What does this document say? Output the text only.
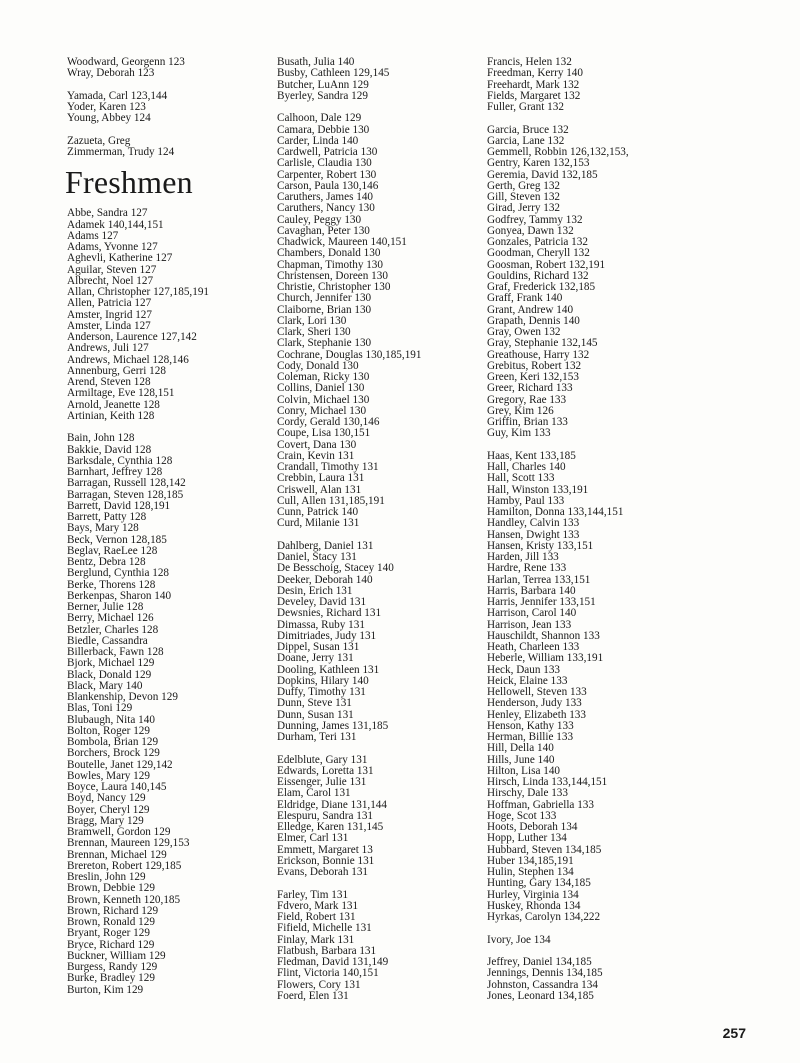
Woodward, Georgenn 123
Wray, Deborah 123
Yamada, Carl 123,144
Yoder, Karen 123
Young, Abbey 124
Zazueta, Greg
Zimmerman, Trudy 124
Freshmen
Abbe, Sandra 127
Adamek 140,144,151
Adams 127
Adams, Yvonne 127
Aghevli, Katherine 127
Aguilar, Steven 127
Albrecht, Noel 127
Allan, Christopher 127,185,191
Allen, Patricia 127
Amster, Ingrid 127
Amster, Linda 127
Anderson, Laurence 127,142
Andrews, Juli 127
Andrews, Michael 128,146
Annenburg, Gerri 128
Arend, Steven 128
Armiltage, Eve 128,151
Arnold, Jeanette 128
Artinian, Keith 128
Bain, John 128
Bakkie, David 128
Barksdale, Cynthia 128
Barnhart, Jeffrey 128
Barragan, Russell 128,142
Barragan, Steven 128,185
Barrett, David 128,191
Barrett, Patty 128
Bays, Mary 128
Beck, Vernon 128,185
Beglav, RaeLee 128
Bentz, Debra 128
Berglund, Cynthia 128
Berke, Thorens 128
Berkenpas, Sharon 140
Berner, Julie 128
Berry, Michael 126
Betzler, Charles 128
Biedle, Cassandra
Billerback, Fawn 128
Bjork, Michael 129
Black, Donald 129
Black, Mary 140
Blankenship, Devon 129
Blas, Toni 129
Blubaugh, Nita 140
Bolton, Roger 129
Bombola, Brian 129
Borchers, Brock 129
Boutelle, Janet 129,142
Bowles, Mary 129
Boyce, Laura 140,145
Boyd, Nancy 129
Boyer, Cheryl 129
Bragg, Mary 129
Bramwell, Gordon 129
Brennan, Maureen 129,153
Brennan, Michael 129
Brereton, Robert 129,185
Breslin, John 129
Brown, Debbie 129
Brown, Kenneth 120,185
Brown, Richard 129
Brown, Ronald 129
Bryant, Roger 129
Bryce, Richard 129
Buckner, William 129
Burgess, Randy 129
Burke, Bradley 129
Burton, Kim 129
Busath, Julia 140
Busby, Cathleen 129,145
Butcher, LuAnn 129
Byerley, Sandra 129
Calhoon, Dale 129
Camara, Debbie 130
Carder, Linda 140
Cardwell, Patricia 130
Carlisle, Claudia 130
Carpenter, Robert 130
Carson, Paula 130,146
Caruthers, James 140
Caruthers, Nancy 130
Cauley, Peggy 130
Cavaghan, Peter 130
Chadwick, Maureen 140,151
Chambers, Donald 130
Chapman, Timothy 130
Christensen, Doreen 130
Christie, Christopher 130
Church, Jennifer 130
Claiborne, Brian 130
Clark, Lori 130
Clark, Sheri 130
Clark, Stephanie 130
Cochrane, Douglas 130,185,191
Cody, Donald 130
Coleman, Ricky 130
Collins, Daniel 130
Colvin, Michael 130
Conry, Michael 130
Cordy, Gerald 130,146
Coupe, Lisa 130,151
Covert, Dana 130
Crain, Kevin 131
Crandall, Timothy 131
Crebbin, Laura 131
Criswell, Alan 131
Cull, Allen 131,185,191
Cunn, Patrick 140
Curd, Milanie 131
Dahlberg, Daniel 131
Daniel, Stacy 131
De Besschoig, Stacey 140
Deeker, Deborah 140
Desin, Erich 131
Develey, David 131
Dewsnies, Richard 131
Dimassa, Ruby 131
Dimitriades, Judy 131
Dippel, Susan 131
Doane, Jerry 131
Dooling, Kathleen 131
Dopkins, Hilary 140
Duffy, Timothy 131
Dunn, Steve 131
Dunn, Susan 131
Dunning, James 131,185
Durham, Teri 131
Edelblute, Gary 131
Edwards, Loretta 131
Eissenger, Julie 131
Elam, Carol 131
Eldridge, Diane 131,144
Elespuru, Sandra 131
Elledge, Karen 131,145
Elmer, Carl 131
Emmett, Margaret 13
Erickson, Bonnie 131
Evans, Deborah 131
Farley, Tim 131
Fdvero, Mark 131
Field, Robert 131
Fifield, Michelle 131
Finlay, Mark 131
Flatbush, Barbara 131
Fledman, David 131,149
Flint, Victoria 140,151
Flowers, Cory 131
Foerd, Elen 131
Francis, Helen 132
Freedman, Kerry 140
Freehardt, Mark 132
Fields, Margaret 132
Fuller, Grant 132
Garcia, Bruce 132
Garcia, Lane 132
Gemmell, Robbin 126,132,153,
Gentry, Karen 132,153
Geremia, David 132,185
Gerth, Greg 132
Gill, Steven 132
Girad, Jerry 132
Godfrey, Tammy 132
Gonyea, Dawn 132
Gonzales, Patricia 132
Goodman, Cheryll 132
Goosman, Robert 132,191
Gouldins, Richard 132
Graf, Frederick 132,185
Graff, Frank 140
Grant, Andrew 140
Grapath, Dennis 140
Gray, Owen 132
Gray, Stephanie 132,145
Greathouse, Harry 132
Grebitus, Robert 132
Green, Keri 132,153
Greer, Richard 133
Gregory, Rae 133
Grey, Kim 126
Griffin, Brian 133
Guy, Kim 133
Haas, Kent 133,185
Hall, Charles 140
Hall, Scott 133
Hall, Winston 133,191
Hamby, Paul 133
Hamilton, Donna 133,144,151
Handley, Calvin 133
Hansen, Dwight 133
Hansen, Kristy 133,151
Harden, Jill 133
Hardre, Rene 133
Harlan, Terrea 133,151
Harris, Barbara 140
Harris, Jennifer 133,151
Harrison, Carol 140
Harrison, Jean 133
Hauschildt, Shannon 133
Heath, Charleen 133
Heberle, William 133,191
Heck, Daun 133
Heick, Elaine 133
Hellowell, Steven 133
Henderson, Judy 133
Henley, Elizabeth 133
Henson, Kathy 133
Herman, Billie 133
Hill, Della 140
Hills, June 140
Hilton, Lisa 140
Hirsch, Linda 133,144,151
Hirschy, Dale 133
Hoffman, Gabriella 133
Hoge, Scot 133
Hoots, Deborah 134
Hopp, Luther 134
Hubbard, Steven 134,185
Huber 134,185,191
Hulin, Stephen 134
Hunting, Gary 134,185
Hurley, Virginia 134
Huskey, Rhonda 134
Hyrkas, Carolyn 134,222
Ivory, Joe 134
Jeffrey, Daniel 134,185
Jennings, Dennis 134,185
Johnston, Cassandra 134
Jones, Leonard 134,185
257
